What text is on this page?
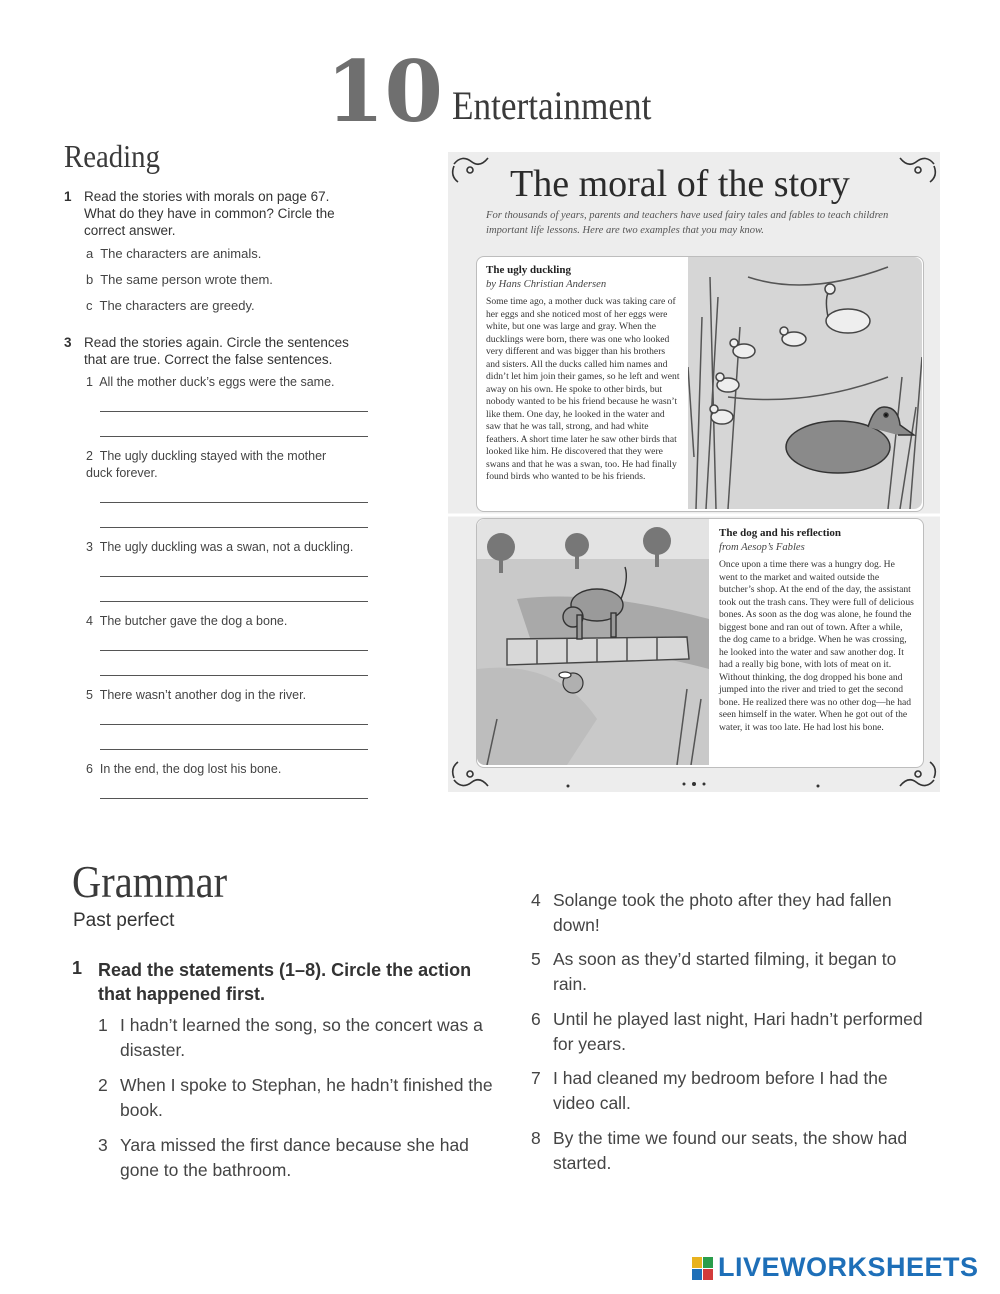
10 Entertainment
Reading
1 Read the stories with morals on page 67. What do they have in common? Circle the correct answer.
a The characters are animals.
b The same person wrote them.
c The characters are greedy.
3 Read the stories again. Circle the sentences that are true. Correct the false sentences.
1 All the mother duck’s eggs were the same.
2 The ugly duckling stayed with the mother duck forever.
3 The ugly duckling was a swan, not a duckling.
4 The butcher gave the dog a bone.
5 There wasn’t another dog in the river.
6 In the end, the dog lost his bone.
The moral of the story
For thousands of years, parents and teachers have used fairy tales and fables to teach children important life lessons. Here are two examples that you may know.
The ugly duckling
by Hans Christian Andersen
Some time ago, a mother duck was taking care of her eggs and she noticed most of her eggs were white, but one was large and gray. When the ducklings were born, there was one who looked very different and was bigger than his brothers and sisters. All the ducks called him names and didn’t let him join their games, so he left and went away on his own. He spoke to other birds, but nobody wanted to be his friend because he wasn’t like them. One day, he looked in the water and saw that he was tall, strong, and had white feathers. A short time later he saw other birds that looked like him. He discovered that they were swans and that he was a swan, too. He had finally found birds who wanted to be his friends.
The dog and his reflection
from Aesop’s Fables
Once upon a time there was a hungry dog. He went to the market and waited outside the butcher’s shop. At the end of the day, the assistant took out the trash cans. They were full of delicious bones. As soon as the dog was alone, he found the biggest bone and ran out of town. After a while, the dog came to a bridge. When he was crossing, he looked into the water and saw another dog. It had a really big bone, with lots of meat on it. Without thinking, the dog dropped his bone and jumped into the river and tried to get the second bone. He realized there was no other dog—he had seen himself in the water. When he got out of the water, it was too late. He had lost his bone.
Grammar
Past perfect
1 Read the statements (1–8). Circle the action that happened first.
1 I hadn’t learned the song, so the concert was a disaster.
2 When I spoke to Stephan, he hadn’t finished the book.
3 Yara missed the first dance because she had gone to the bathroom.
4 Solange took the photo after they had fallen down!
5 As soon as they’d started filming, it began to rain.
6 Until he played last night, Hari hadn’t performed for years.
7 I had cleaned my bedroom before I had the video call.
8 By the time we found our seats, the show had started.
LIVEWORKSHEETS
